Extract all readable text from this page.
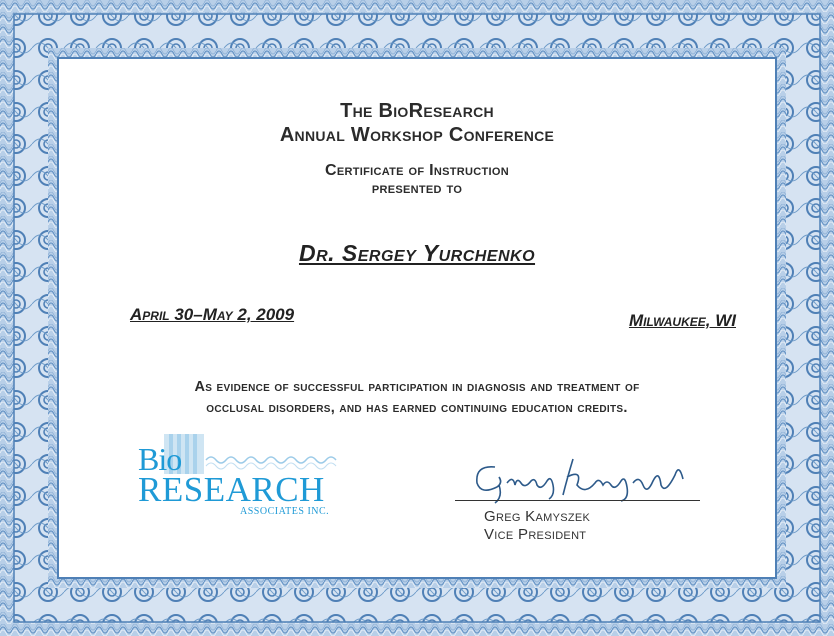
The BioResearch
Annual Workshop Conference
Certificate of Instruction
presented to
Dr. Sergey Yurchenko
April 30–May 2, 2009	Milwaukee, WI
As evidence of successful participation in diagnosis and treatment of
occlusal disorders, and has earned continuing education credits.
Bio
RESEARCH
ASSOCIATES INC.	Greg Kamyszek
Vice President
